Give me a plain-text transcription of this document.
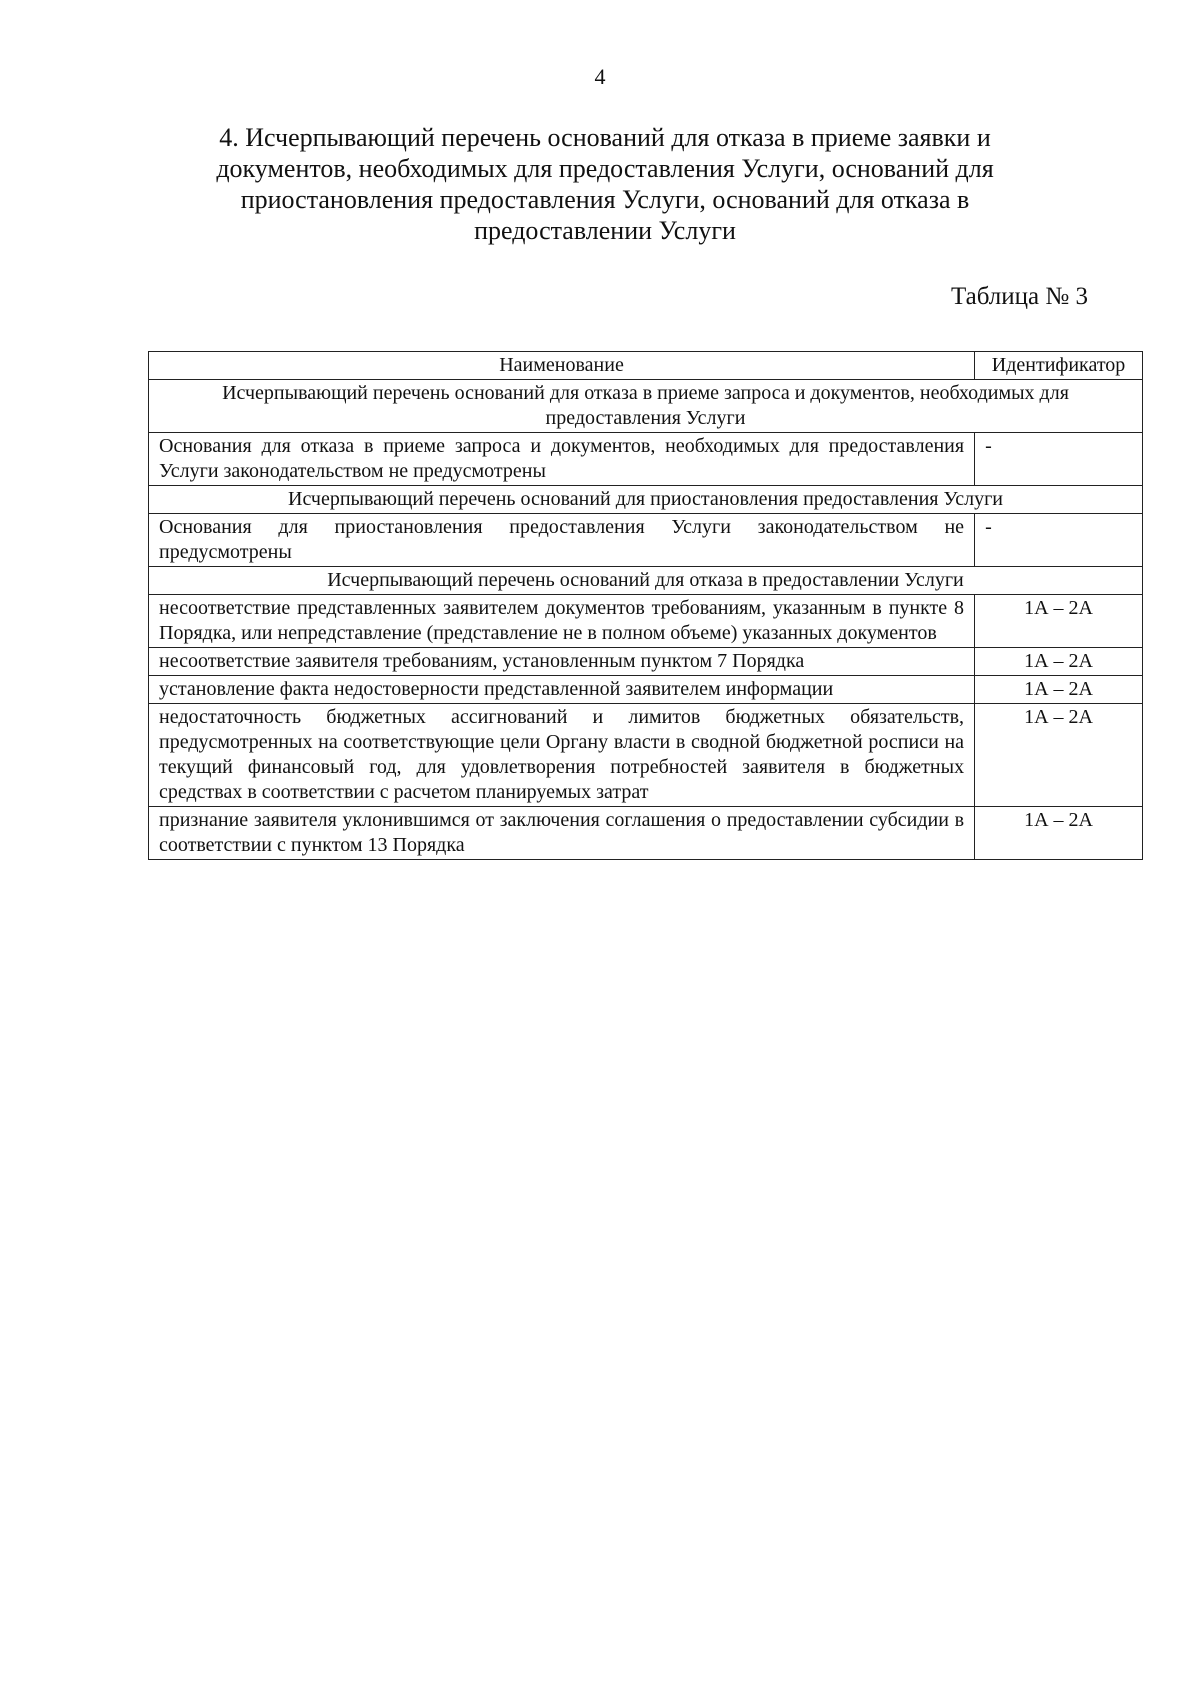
4
4. Исчерпывающий перечень оснований для отказа в приеме заявки и
документов, необходимых для предоставления Услуги, оснований для
приостановления предоставления Услуги, оснований для отказа в
предоставлении Услуги
Таблица № 3
Наименование	Идентификатор
Исчерпывающий перечень оснований для отказа в приеме запроса и документов, необходимых для предоставления Услуги	
Основания для отказа в приеме запроса и документов, необходимых для предоставления Услуги законодательством не предусмотрены	-
Исчерпывающий перечень оснований для приостановления предоставления Услуги	
Основания для приостановления предоставления Услуги законодательством не предусмотрены	-
Исчерпывающий перечень оснований для отказа в предоставлении Услуги	
несоответствие представленных заявителем документов требованиям, указанным в пункте 8 Порядка, или непредставление (представление не в полном объеме) указанных документов	1А – 2А
несоответствие заявителя требованиям, установленным пунктом 7 Порядка	1А – 2А
установление факта недостоверности представленной заявителем информации	1А – 2А
недостаточность бюджетных ассигнований и лимитов бюджетных обязательств, предусмотренных на соответствующие цели Органу власти в сводной бюджетной росписи на текущий финансовый год, для удовлетворения потребностей заявителя в бюджетных средствах в соответствии с расчетом планируемых затрат	1А – 2А
признание заявителя уклонившимся от заключения соглашения о предоставлении субсидии в соответствии с пунктом 13 Порядка	1А – 2А
